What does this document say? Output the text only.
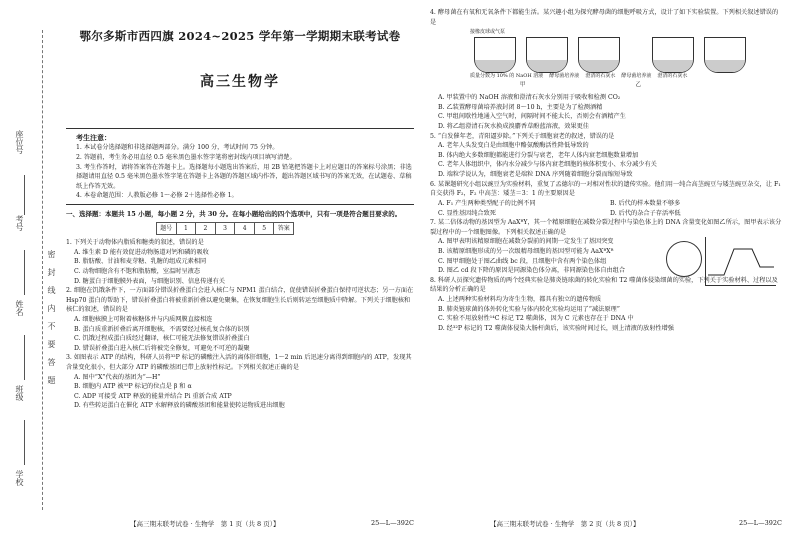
密封线内不要答题
座位号
考号
姓名
班级
学校
鄂尔多斯市西四旗 2024~2025 学年第一学期期末联考试卷
高三生物学

考生注意：

1. 本试卷分选择题和非选择题两部分。满分 100 分，考试时间 75 分钟。

2. 答题前，考生务必用直径 0.5 毫米黑色墨水签字笔将密封线内项目填写清楚。

3. 考生作答时，请将答案答在答题卡上。选择题每小题选出答案后，用 2B 铅笔把答题卡上对应题目的答案标号涂黑；非选择题请用直径 0.5 毫米黑色墨水签字笔在答题卡上各题的答题区域内作答，超出答题区域书写的答案无效，在试题卷、草稿纸上作答无效。

4. 本卷命题范围：人教版必修 1～必修 2＋选择性必修 1。

一、选择题：本题共 15 小题，每小题 2 分，共 30 分。在每小题给出的四个选项中，只有一项是符合题目要求的。

题号	1	2	3	4	5	答案

1. 下列关于动物体内脂质和糖类的叙述，错误的是

A. 维生素 D 能有效促进动物肠道对钙和磷的吸收

B. 脂肪酸、甘油和麦芽糖、乳糖的组成元素相同

C. 动物细胞含有不饱和脂肪酸，室温时呈液态

D. 糖蛋白于细胞膜外表面，与细胞识别、信息传递有关

2. 细胞在饥饿条件下，一方面部分错误折叠蛋白会进入核仁与 NPM1 蛋白结合，促使错误折叠蛋白保持可逆状态；另一方面在 Hsp70 蛋白的帮助下，错误折叠蛋白将被重新折叠以避免聚集，在恢复细胞生长后则转运至细胞质中降解。下列关于细胞核和核仁的叙述，错误的是

A. 细胞核膜上可附着核糖体并与内质网膜直接相连

B. 蛋白质重新折叠后离开细胞核，不需要经过核孔复合体的识别

C. 饥饿过程成蛋白质经过翻译，核仁可能无法修复错误折叠蛋白

D. 错误折叠蛋白进入核仁后将被完全修复，可避免不可逆的凝聚

3. 如图表示 ATP 的结构，科研人员将³²P 标记的磷酸注入活的离体肝细胞，1～2 min 后迅速分离得到细胞内的 ATP，发现其含量变化很小，但大部分 ATP 的磷酸基团已带上放射性标记。下列相关叙述正确的是

A. 图中“X”代表的基团为“—H”

B. 细胞内 ATP 被³²P 标记的位点是 β 和 α

C. ADP 可接受 ATP 释放的能量并结合 Pi 重新合成 ATP

D. 有些转运蛋白在催化 ATP 水解释放的磷酸基团和能量使转运物质进出细胞

4. 酵母菌在有氧和无氧条件下都能生活。某兴趣小组为探究酵母菌的细胞呼吸方式，设计了如下实验装置。下列相关叙述错误的是

接橡皮球或气泵

质量分数为 10% 的 NaOH 溶液 酵母菌培养液 澄清的石灰水 酵母菌培养液 澄清的石灰水
甲	乙

A. 甲装置中的 NaOH 溶液和澄清石灰水分别用于吸收和检测 CO₂

B. 乙装置酵母菌培养液封闭 8～10 h，主要是为了检测酒精

C. 甲组间歇性地通入空气时，间隔时间不能太长，否则会有酒精产生

D. 将乙组澄清石灰水换成溴麝香草酚蓝溶液，效果更佳

5. “白发催年老，青阳逼岁除。”下列关于细胞衰老的叙述，错误的是

A. 老年人头发变白是由细胞中酪氨酸酶活性降低导致的

B. 体内绝大多数细胞都能进行分裂与衰老，老年人体内衰老细胞数量增加

C. 老年人体组织中，体内水分减少与体内衰老细胞的核体积变小、水分减少有关

D. 端粒学说认为，细胞衰老是端粒 DNA 序列随着细胞分裂而缩短导致

6. 某课题研究小组以豌豆为实验材料，重复了孟德尔的一对相对性状的遗传实验。他们用一纯合高茎豌豆与矮茎豌豆杂交，让 F₁ 自交获得 F₂，F₂ 中高茎：矮茎＝3：1 的主要原因是

A. F₁ 产生两种类型配子的比例不同	B. 后代的样本数量不够多

C. 显性基因纯合致死	D. 后代的杂合子存活率低

7. 某二倍体动物的基因型为 AaXᴮY，其一个精原细胞在减数分裂过程中与染色体上的 DNA 含量变化如图乙所示，图甲表示该分裂过程中的一个细胞图像。下列相关叙述正确的是

A. 图甲表明该精原细胞在减数分裂前的间期一定发生了基因突变

B. 该精原细胞形成的另一次级精母细胞的基因型可能为 AaXᴮXᴮ

C. 图甲细胞处于图乙曲线 bc 段，且细胞中含有两个染色体组

D. 图乙 cd 段下降的原因是同源染色体分离，非同源染色体自由组合

8. 科研人员探究遗传物质的两个经典实验是肺炎链球菌的转化实验和 T2 噬菌体侵染细菌的实验，下列关于实验材料、过程以及结果的分析正确的是

A. 上述两种实验材料均为寄生生物，都具有独立的遗传物质

B. 肺炎链球菌的体外转化实验与体内转化实验均运用了“减法原理”

C. 实验不用放射性¹⁴C 标记 T2 噬菌体，因为 C 元素也存在于 DNA 中

D. 经³²P 标记的 T2 噬菌体侵染大肠杆菌后，该实验时间过长，则上清液的放射性增强

【高三期末联考试卷 · 生物学　第 1 页（共 8 页）】	25—L—392C	【高三期末联考试卷 · 生物学　第 2 页（共 8 页）】	25—L—392C
